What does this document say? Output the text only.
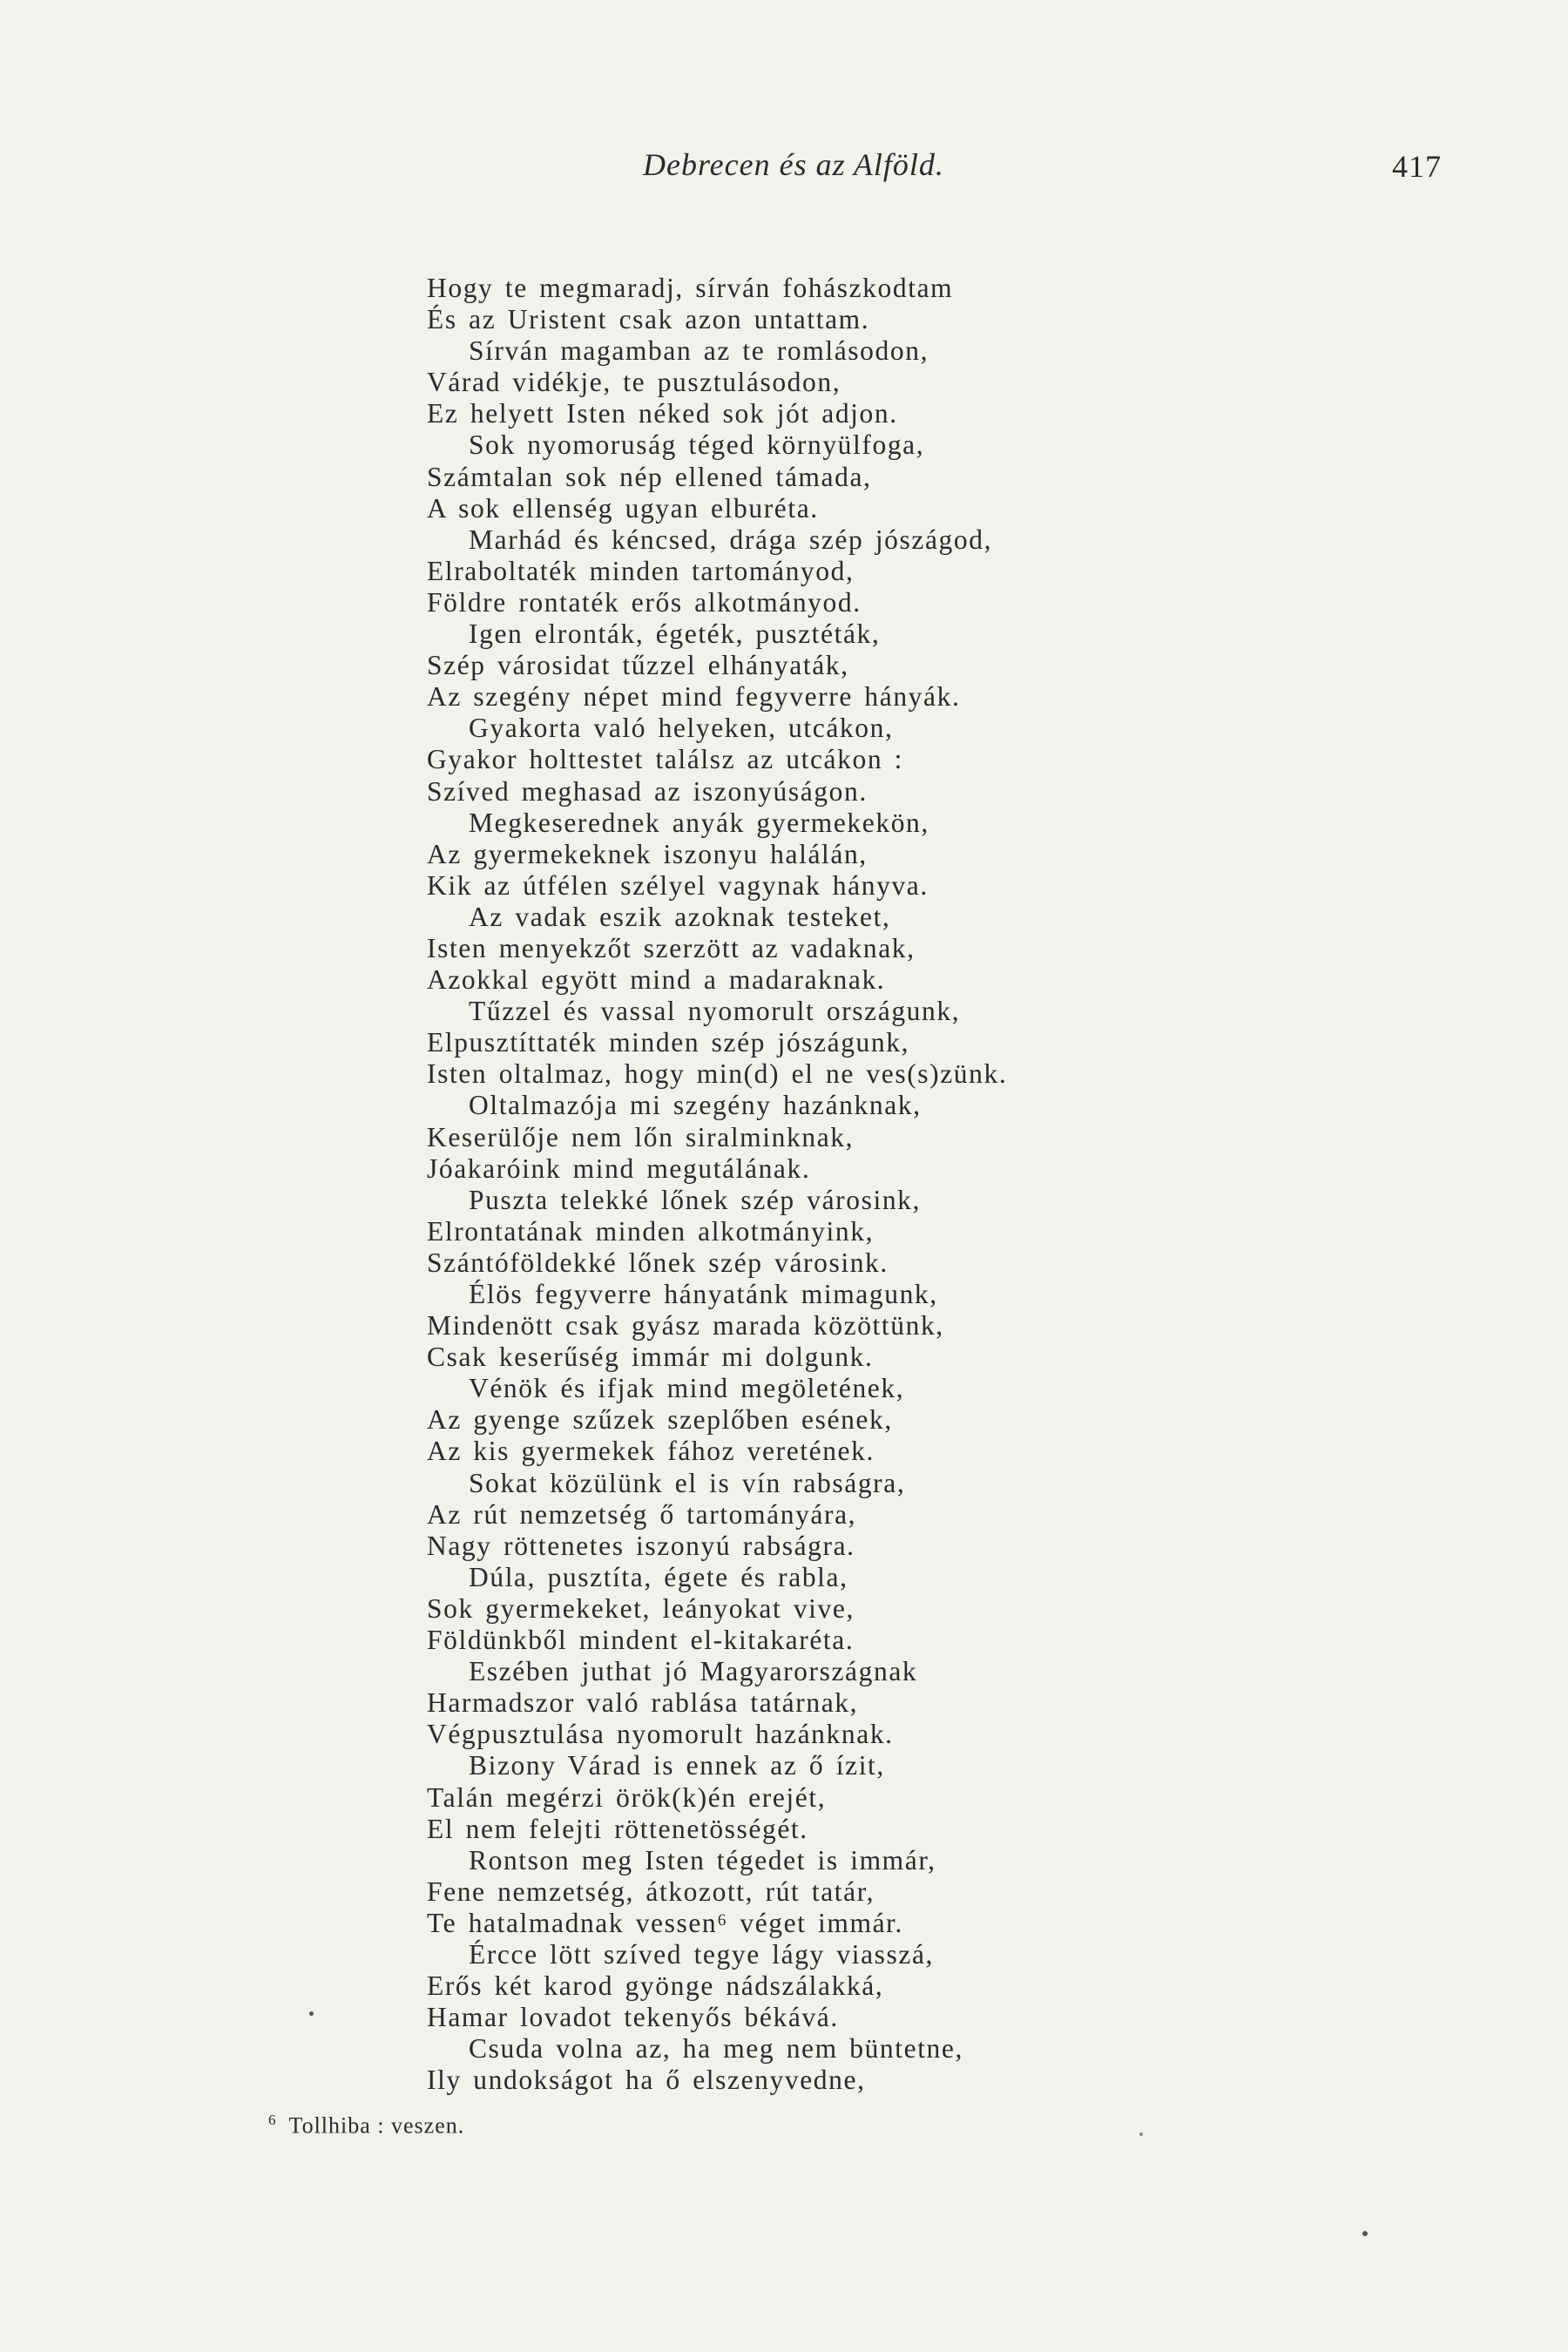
Debrecen és az Alföld.	417
Hogy te megmaradj, sírván fohászkodtam
És az Uristent csak azon untattam.
Sírván magamban az te romlásodon,
Várad vidékje, te pusztulásodon,
Ez helyett Isten néked sok jót adjon.
Sok nyomoruság téged környülfoga,
Számtalan sok nép ellened támada,
A sok ellenség ugyan elburéta.
Marhád és kéncsed, drága szép jószágod,
Elraboltaték minden tartományod,
Földre rontaték erős alkotmányod.
Igen elronták, égeték, pusztéták,
Szép városidat tűzzel elhányaták,
Az szegény népet mind fegyverre hányák.
Gyakorta való helyeken, utcákon,
Gyakor holttestet találsz az utcákon :
Szíved meghasad az iszonyúságon.
Megkeserednek anyák gyermekekön,
Az gyermekeknek iszonyu halálán,
Kik az útfélen szélyel vagynak hányva.
Az vadak eszik azoknak testeket,
Isten menyekzőt szerzött az vadaknak,
Azokkal egyött mind a madaraknak.
Tűzzel és vassal nyomorult országunk,
Elpusztíttaték minden szép jószágunk,
Isten oltalmaz, hogy min(d) el ne ves(s)zünk.
Oltalmazója mi szegény hazánknak,
Keserülője nem lőn siralminknak,
Jóakaróink mind megutálának.
Puszta telekké lőnek szép városink,
Elrontatának minden alkotmányink,
Szántóföldekké lőnek szép városink.
Élös fegyverre hányatánk mimagunk,
Mindenött csak gyász marada közöttünk,
Csak keserűség immár mi dolgunk.
Vénök és ifjak mind megöletének,
Az gyenge szűzek szeplőben esének,
Az kis gyermekek fához veretének.
Sokat közülünk el is vín rabságra,
Az rút nemzetség ő tartományára,
Nagy röttenetes iszonyú rabságra.
Dúla, pusztíta, égete és rabla,
Sok gyermekeket, leányokat vive,
Földünkből mindent el-kitakaréta.
Eszében juthat jó Magyarországnak
Harmadszor való rablása tatárnak,
Végpusztulása nyomorult hazánknak.
Bizony Várad is ennek az ő ízit,
Talán megérzi örök(k)én erejét,
El nem felejti röttenetösségét.
Rontson meg Isten tégedet is immár,
Fene nemzetség, átkozott, rút tatár,
Te hatalmadnak vessen⁶ véget immár.
Ércce lött szíved tegye lágy viasszá,
Erős két karod gyönge nádszálakká,
Hamar lovadot tekenyős békává.
Csuda volna az, ha meg nem büntetne,
Ily undokságot ha ő elszenyvedne,
$^6$ Tollhiba : veszen.
